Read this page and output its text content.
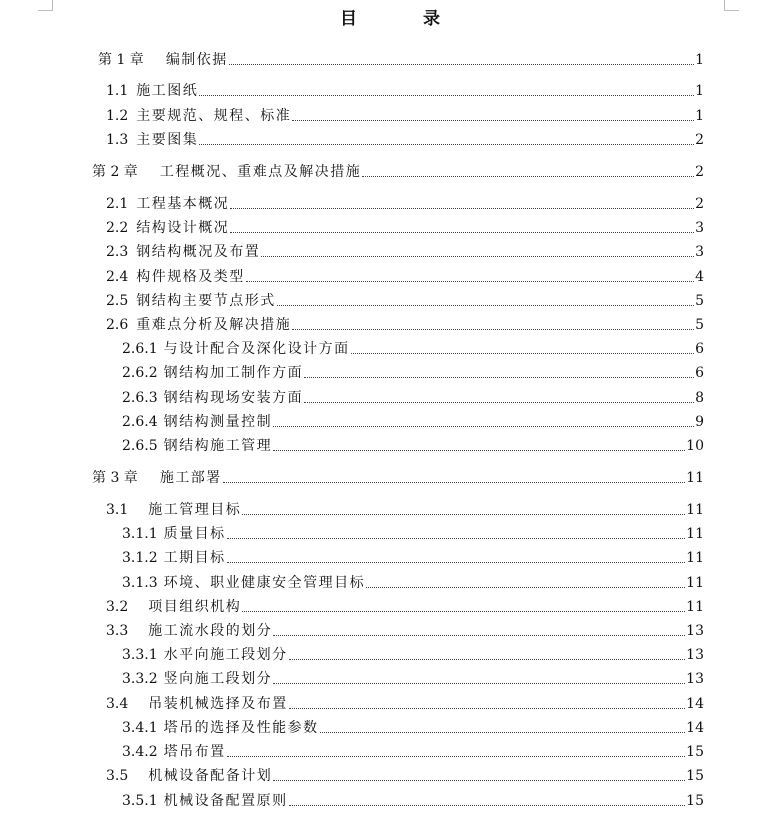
目 录
第 1 章 编制依据	1
1.1 施工图纸	1
1.2 主要规范、规程、标准	1
1.3 主要图集	2
第 2 章 工程概况、重难点及解决措施	2
2.1 工程基本概况	2
2.2 结构设计概况	3
2.3 钢结构概况及布置	3
2.4 构件规格及类型	4
2.5 钢结构主要节点形式	5
2.6 重难点分析及解决措施	5
2.6.1 与设计配合及深化设计方面	6
2.6.2 钢结构加工制作方面	6
2.6.3 钢结构现场安装方面	8
2.6.4 钢结构测量控制	9
2.6.5 钢结构施工管理	10
第 3 章 施工部署	11
3.1 施工管理目标	11
3.1.1 质量目标	11
3.1.2 工期目标	11
3.1.3 环境、职业健康安全管理目标	11
3.2 项目组织机构	11
3.3 施工流水段的划分	13
3.3.1 水平向施工段划分	13
3.3.2 竖向施工段划分	13
3.4 吊装机械选择及布置	14
3.4.1 塔吊的选择及性能参数	14
3.4.2 塔吊布置	15
3.5 机械设备配备计划	15
3.5.1 机械设备配置原则	15
